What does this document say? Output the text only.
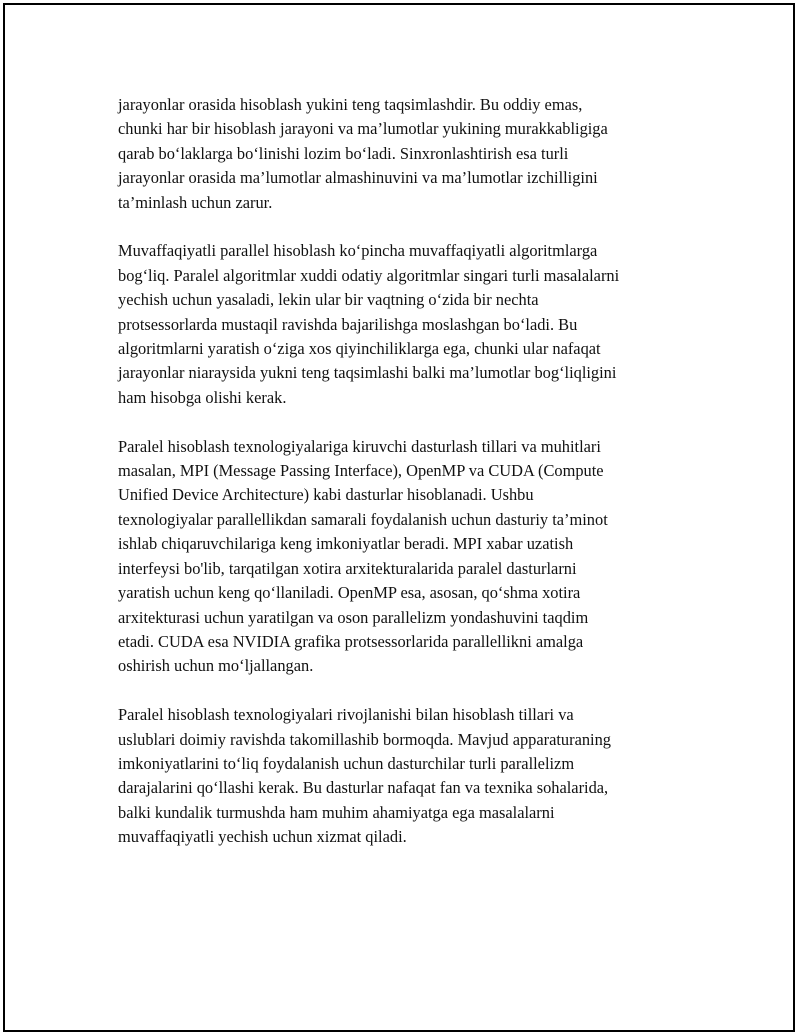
jarayonlar orasida hisoblash yukini teng taqsimlashdir. Bu oddiy emas,
chunki har bir hisoblash jarayoni va ma’lumotlar yukining murakkabligiga
qarab bo‘laklarga bo‘linishi lozim bo‘ladi. Sinxronlashtirish esa turli
jarayonlar orasida ma’lumotlar almashinuvini va ma’lumotlar izchilligini
ta’minlash uchun zarur.

Muvaffaqiyatli parallel hisoblash ko‘pincha muvaffaqiyatli algoritmlarga
bog‘liq. Paralel algoritmlar xuddi odatiy algoritmlar singari turli masalalarni
yechish uchun yasaladi, lekin ular bir vaqtning o‘zida bir nechta
protsessorlarda mustaqil ravishda bajarilishga moslashgan bo‘ladi. Bu
algoritmlarni yaratish o‘ziga xos qiyinchiliklarga ega, chunki ular nafaqat
jarayonlar niaraysida yukni teng taqsimlashi balki ma’lumotlar bog‘liqligini
ham hisobga olishi kerak.

Paralel hisoblash texnologiyalariga kiruvchi dasturlash tillari va muhitlari
masalan, MPI (Message Passing Interface), OpenMP va CUDA (Compute
Unified Device Architecture) kabi dasturlar hisoblanadi. Ushbu
texnologiyalar parallellikdan samarali foydalanish uchun dasturiy ta’minot
ishlab chiqaruvchilariga keng imkoniyatlar beradi. MPI xabar uzatish
interfeysi bo'lib, tarqatilgan xotira arxitekturalarida paralel dasturlarni
yaratish uchun keng qo‘llaniladi. OpenMP esa, asosan, qo‘shma xotira
arxitekturasi uchun yaratilgan va oson parallelizm yondashuvini taqdim
etadi. CUDA esa NVIDIA grafika protsessorlarida parallellikni amalga
oshirish uchun mo‘ljallangan.

Paralel hisoblash texnologiyalari rivojlanishi bilan hisoblash tillari va
uslublari doimiy ravishda takomillashib bormoqda. Mavjud apparaturaning
imkoniyatlarini to‘liq foydalanish uchun dasturchilar turli parallelizm
darajalarini qo‘llashi kerak. Bu dasturlar nafaqat fan va texnika sohalarida,
balki kundalik turmushda ham muhim ahamiyatga ega masalalarni
muvaffaqiyatli yechish uchun xizmat qiladi.
